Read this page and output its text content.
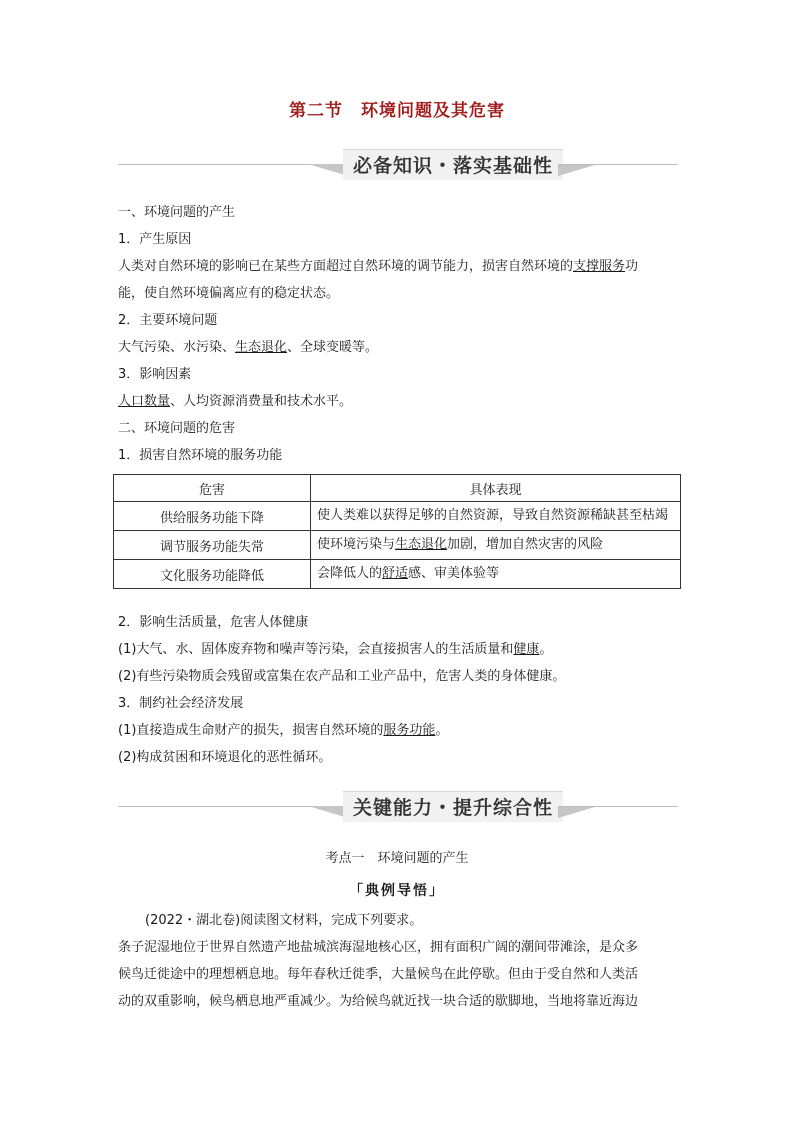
第二节　环境问题及其危害
必备知识・落实基础性
一、环境问题的产生
1．产生原因
人类对自然环境的影响已在某些方面超过自然环境的调节能力，损害自然环境的支撑服务功
能，使自然环境偏离应有的稳定状态。
2．主要环境问题
大气污染、水污染、生态退化、全球变暖等。
3．影响因素
人口数量、人均资源消费量和技术水平。
二、环境问题的危害
1．损害自然环境的服务功能
危害	具体表现
供给服务功能下降	使人类难以获得足够的自然资源，导致自然资源稀缺甚至枯竭
调节服务功能失常	使环境污染与生态退化加剧，增加自然灾害的风险
文化服务功能降低	会降低人的舒适感、审美体验等
2．影响生活质量，危害人体健康
(1)大气、水、固体废弃物和噪声等污染，会直接损害人的生活质量和健康。
(2)有些污染物质会残留或富集在农产品和工业产品中，危害人类的身体健康。
3．制约社会经济发展
(1)直接造成生命财产的损失，损害自然环境的服务功能。
(2)构成贫困和环境退化的恶性循环。
关键能力・提升综合性
考点一　环境问题的产生
「典例导悟」
(2022・湖北卷)阅读图文材料，完成下列要求。
条子泥湿地位于世界自然遗产地盐城滨海湿地核心区，拥有面积广阔的潮间带滩涂，是众多
候鸟迁徙途中的理想栖息地。每年春秋迁徙季，大量候鸟在此停歇。但由于受自然和人类活
动的双重影响，候鸟栖息地严重减少。为给候鸟就近找一块合适的歇脚地，当地将靠近海边
